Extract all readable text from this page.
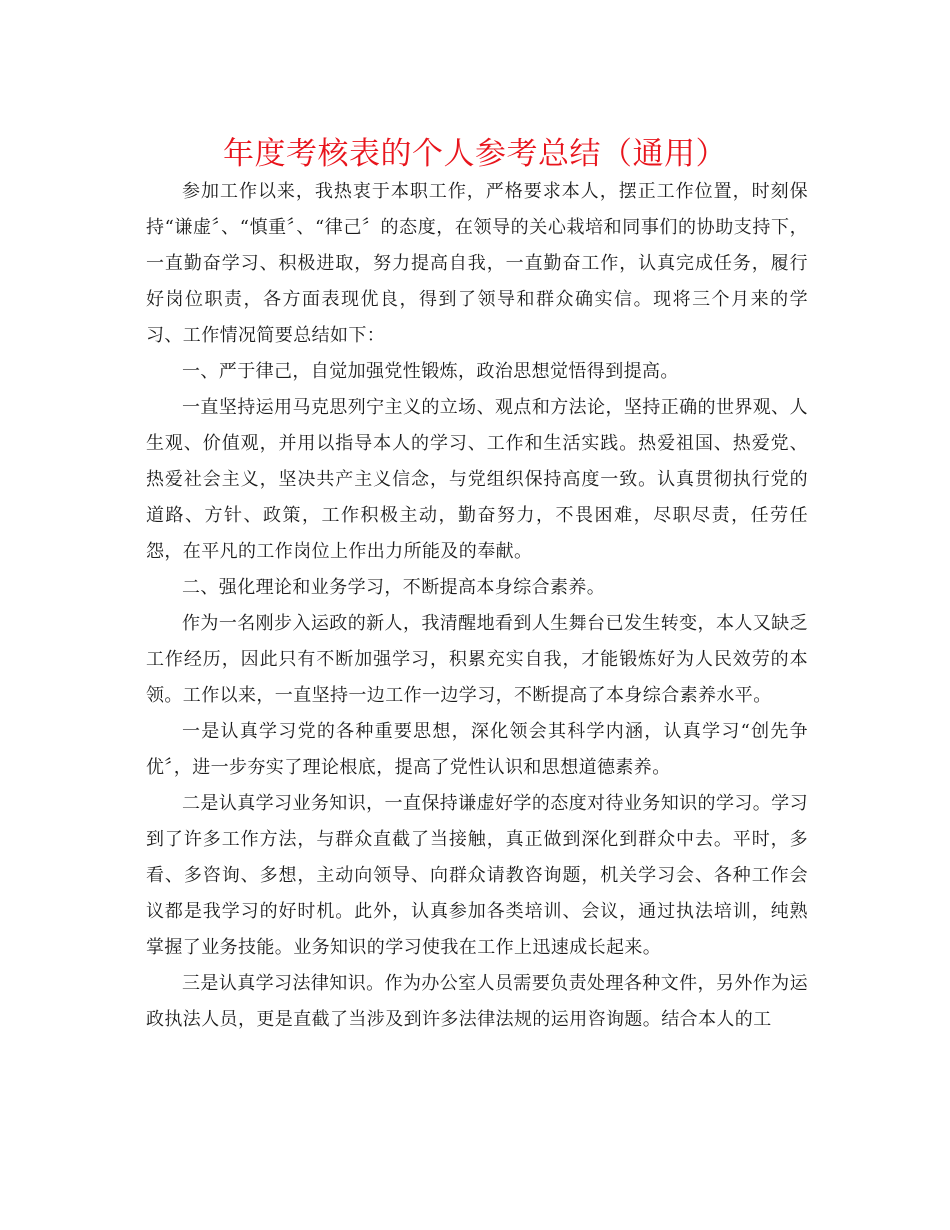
年度考核表的个人参考总结（通用）

参加工作以来，我热衷于本职工作，严格要求本人，摆正工作位置，时刻保持“谦虚〞、“慎重〞、“律己〞的态度，在领导的关心栽培和同事们的协助支持下，一直勤奋学习、积极进取，努力提高自我，一直勤奋工作，认真完成任务，履行好岗位职责，各方面表现优良，得到了领导和群众确实信。现将三个月来的学习、工作情况简要总结如下：

一、严于律己，自觉加强党性锻炼，政治思想觉悟得到提高。

一直坚持运用马克思列宁主义的立场、观点和方法论，坚持正确的世界观、人生观、价值观，并用以指导本人的学习、工作和生活实践。热爱祖国、热爱党、热爱社会主义，坚决共产主义信念，与党组织保持高度一致。认真贯彻执行党的道路、方针、政策，工作积极主动，勤奋努力，不畏困难，尽职尽责，任劳任怨，在平凡的工作岗位上作出力所能及的奉献。

二、强化理论和业务学习，不断提高本身综合素养。

作为一名刚步入运政的新人，我清醒地看到人生舞台已发生转变，本人又缺乏工作经历，因此只有不断加强学习，积累充实自我，才能锻炼好为人民效劳的本领。工作以来，一直坚持一边工作一边学习，不断提高了本身综合素养水平。

一是认真学习党的各种重要思想，深化领会其科学内涵，认真学习“创先争优〞，进一步夯实了理论根底，提高了党性认识和思想道德素养。

二是认真学习业务知识，一直保持谦虚好学的态度对待业务知识的学习。学习到了许多工作方法，与群众直截了当接触，真正做到深化到群众中去。平时，多看、多咨询、多想，主动向领导、向群众请教咨询题，机关学习会、各种工作会议都是我学习的好时机。此外，认真参加各类培训、会议，通过执法培训，纯熟掌握了业务技能。业务知识的学习使我在工作上迅速成长起来。

三是认真学习法律知识。作为办公室人员需要负责处理各种文件，另外作为运政执法人员，更是直截了当涉及到许多法律法规的运用咨询题。结合本人的工
